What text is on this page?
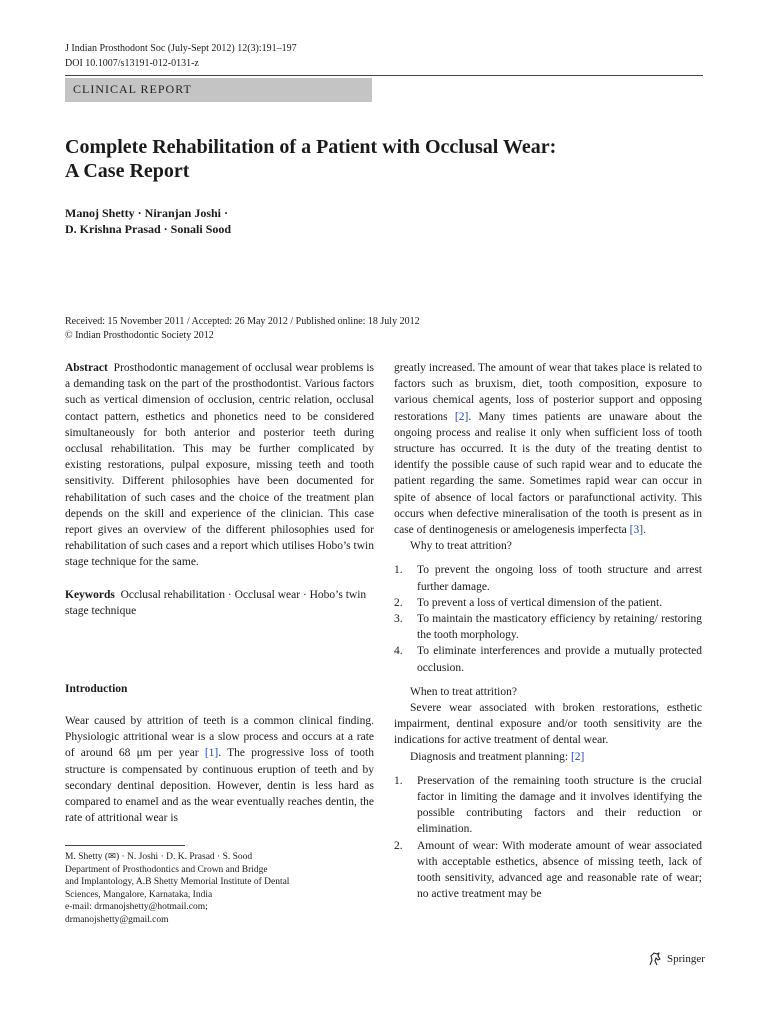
J Indian Prosthodont Soc (July-Sept 2012) 12(3):191–197
DOI 10.1007/s13191-012-0131-z
CLINICAL REPORT
Complete Rehabilitation of a Patient with Occlusal Wear:
A Case Report
Manoj Shetty · Niranjan Joshi ·
D. Krishna Prasad · Sonali Sood
Received: 15 November 2011 / Accepted: 26 May 2012 / Published online: 18 July 2012
© Indian Prosthodontic Society 2012

Abstract Prosthodontic management of occlusal wear problems is a demanding task on the part of the prosthodontist. Various factors such as vertical dimension of occlusion, centric relation, occlusal contact pattern, esthetics and phonetics need to be considered simultaneously for both anterior and posterior teeth during occlusal rehabilitation. This may be further complicated by existing restorations, pulpal exposure, missing teeth and tooth sensitivity. Different philosophies have been documented for rehabilitation of such cases and the choice of the treatment plan depends on the skill and experience of the clinician. This case report gives an overview of the different philosophies used for rehabilitation of such cases and a report which utilises Hobo’s twin stage technique for the same.

Keywords Occlusal rehabilitation · Occlusal wear · Hobo’s twin stage technique

Introduction
Wear caused by attrition of teeth is a common clinical finding. Physiologic attritional wear is a slow process and occurs at a rate of around 68 μm per year [1]. The progressive loss of tooth structure is compensated by continuous eruption of teeth and by secondary dentinal deposition. However, dentin is less hard as compared to enamel and as the wear eventually reaches dentin, the rate of attritional wear is
M. Shetty (✉) · N. Joshi · D. K. Prasad · S. Sood
Department of Prosthodontics and Crown and Bridge
and Implantology, A.B Shetty Memorial Institute of Dental
Sciences, Mangalore, Karnataka, India
e-mail: drmanojshetty@hotmail.com;
drmanojshetty@gmail.com

greatly increased. The amount of wear that takes place is related to factors such as bruxism, diet, tooth composition, exposure to various chemical agents, loss of posterior support and opposing restorations [2]. Many times patients are unaware about the ongoing process and realise it only when sufficient loss of tooth structure has occurred. It is the duty of the treating dentist to identify the possible cause of such rapid wear and to educate the patient regarding the same. Sometimes rapid wear can occur in spite of absence of local factors or parafunctional activity. This occurs when defective mineralisation of the tooth is present as in case of dentinogenesis or amelogenesis imperfecta [3].

Why to treat attrition?

1. To prevent the ongoing loss of tooth structure and arrest further damage.
2. To prevent a loss of vertical dimension of the patient.
3. To maintain the masticatory efficiency by retaining/ restoring the tooth morphology.
4. To eliminate interferences and provide a mutually protected occlusion.

When to treat attrition?

Severe wear associated with broken restorations, esthetic impairment, dentinal exposure and/or tooth sensitivity are the indications for active treatment of dental wear.

Diagnosis and treatment planning: [2]

1. Preservation of the remaining tooth structure is the crucial factor in limiting the damage and it involves identifying the possible contributing factors and their reduction or elimination.
2. Amount of wear: With moderate amount of wear associated with acceptable esthetics, absence of missing teeth, lack of tooth sensitivity, advanced age and reasonable rate of wear; no active treatment may be
Springer
